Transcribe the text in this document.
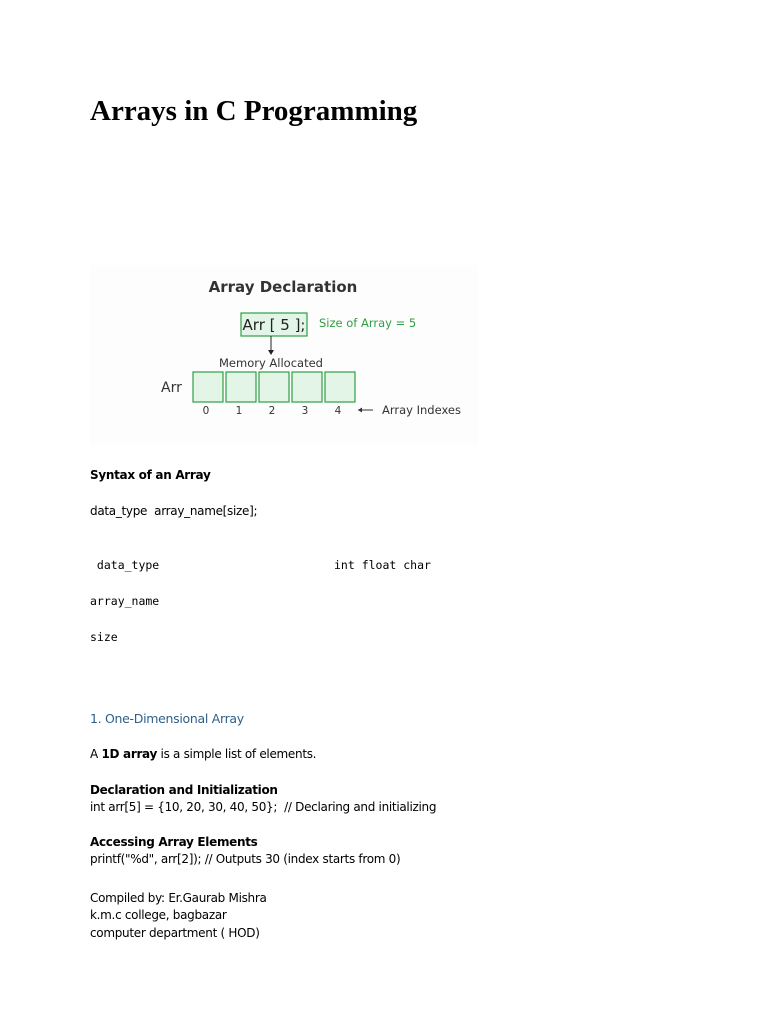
Arrays in C Programming
Array Declaration
Arr [ 5 ]; Size of Array = 5
Memory Allocated
Arr
0	1	2	3	4	Array Indexes
Syntax of an Array
data_type  array_name[size];
data_type	int float char
array_name
size
1. One-Dimensional Array
A 1D array is a simple list of elements.
Declaration and Initialization
int arr[5] = {10, 20, 30, 40, 50};  // Declaring and initializing
Accessing Array Elements
printf("%d", arr[2]); // Outputs 30 (index starts from 0)
Compiled by: Er.Gaurab Mishra
k.m.c college, bagbazar
computer department ( HOD)
